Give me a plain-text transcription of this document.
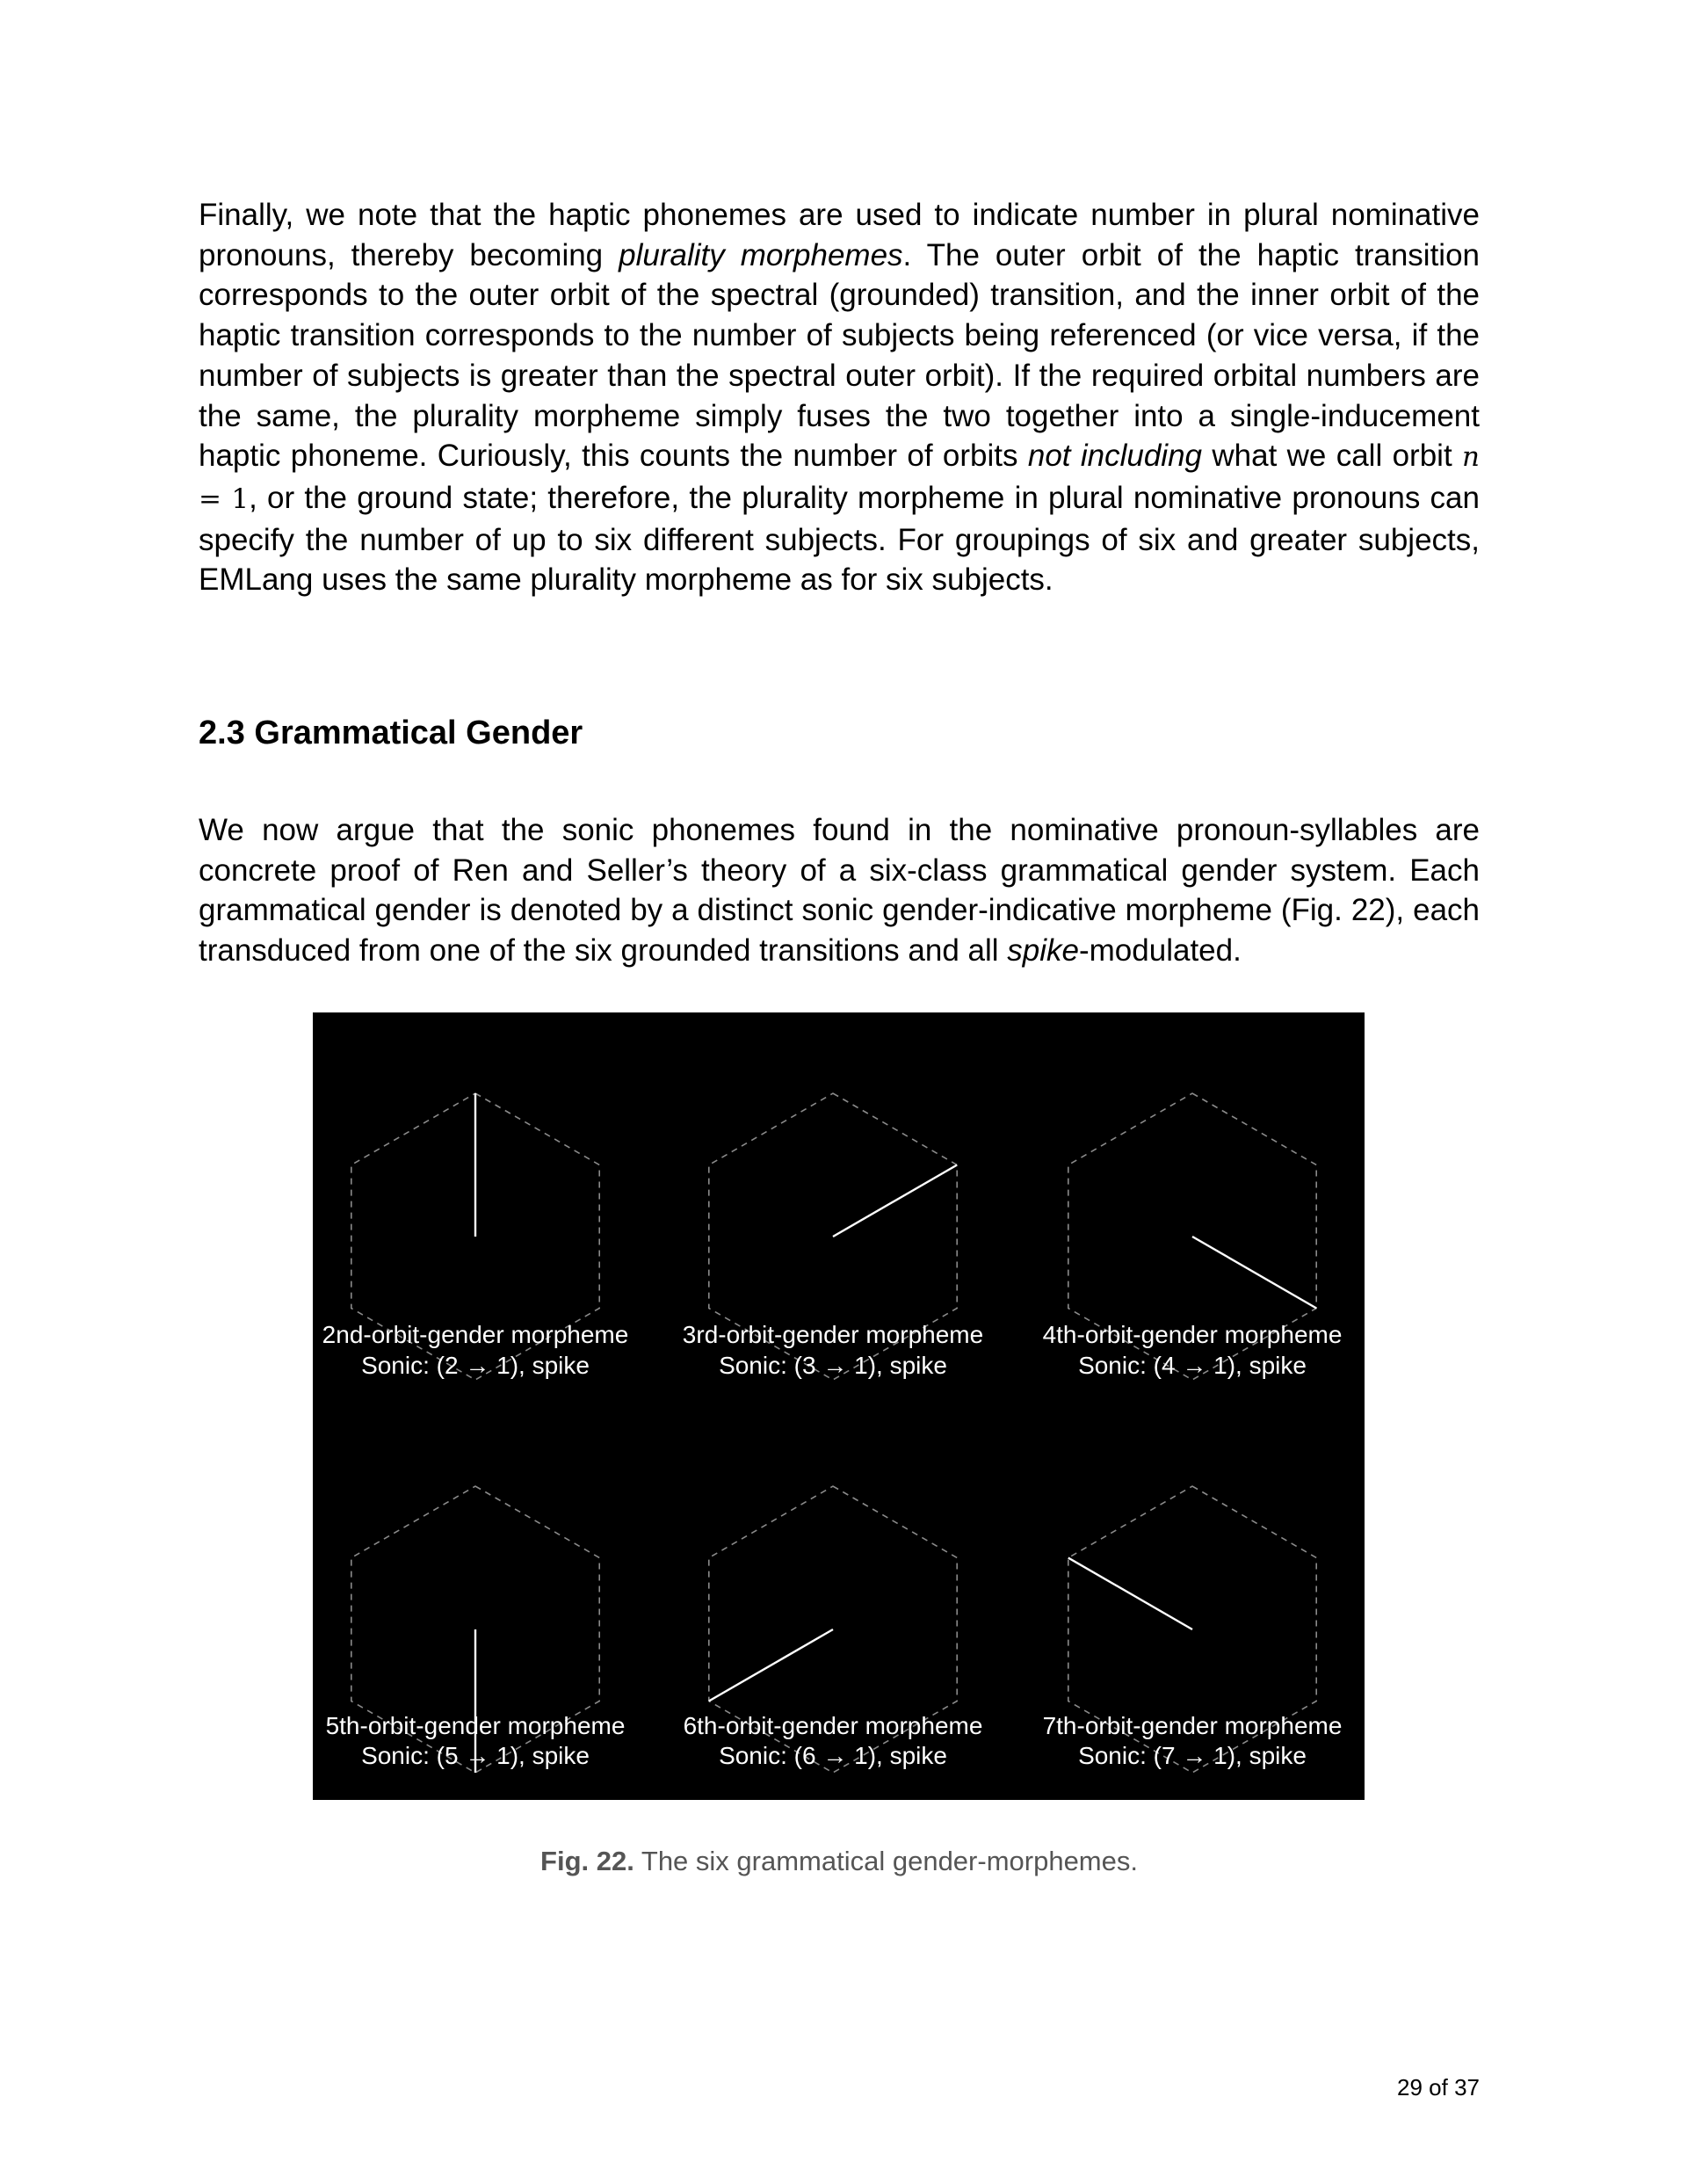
Finally, we note that the haptic phonemes are used to indicate number in plural nominative pronouns, thereby becoming plurality morphemes. The outer orbit of the haptic transition corresponds to the outer orbit of the spectral (grounded) transition, and the inner orbit of the haptic transition corresponds to the number of subjects being referenced (or vice versa, if the number of subjects is greater than the spectral outer orbit). If the required orbital numbers are the same, the plurality morpheme simply fuses the two together into a single-inducement haptic phoneme. Curiously, this counts the number of orbits not including what we call orbit n = 1, or the ground state; therefore, the plurality morpheme in plural nominative pronouns can specify the number of up to six different subjects. For groupings of six and greater subjects, EMLang uses the same plurality morpheme as for six subjects.

2.3 Grammatical Gender

We now argue that the sonic phonemes found in the nominative pronoun-syllables are concrete proof of Ren and Seller’s theory of a six-class grammatical gender system. Each grammatical gender is denoted by a distinct sonic gender-indicative morpheme (Fig. 22), each transduced from one of the six grounded transitions and all spike-modulated.

2nd-orbit-gender morpheme
Sonic: (2 → 1), spike
3rd-orbit-gender morpheme
Sonic: (3 → 1), spike
4th-orbit-gender morpheme
Sonic: (4 → 1), spike
5th-orbit-gender morpheme
Sonic: (5 → 1), spike
6th-orbit-gender morpheme
Sonic: (6 → 1), spike
7th-orbit-gender morpheme
Sonic: (7 → 1), spike
Fig. 22. The six grammatical gender-morphemes.
29 of 37
